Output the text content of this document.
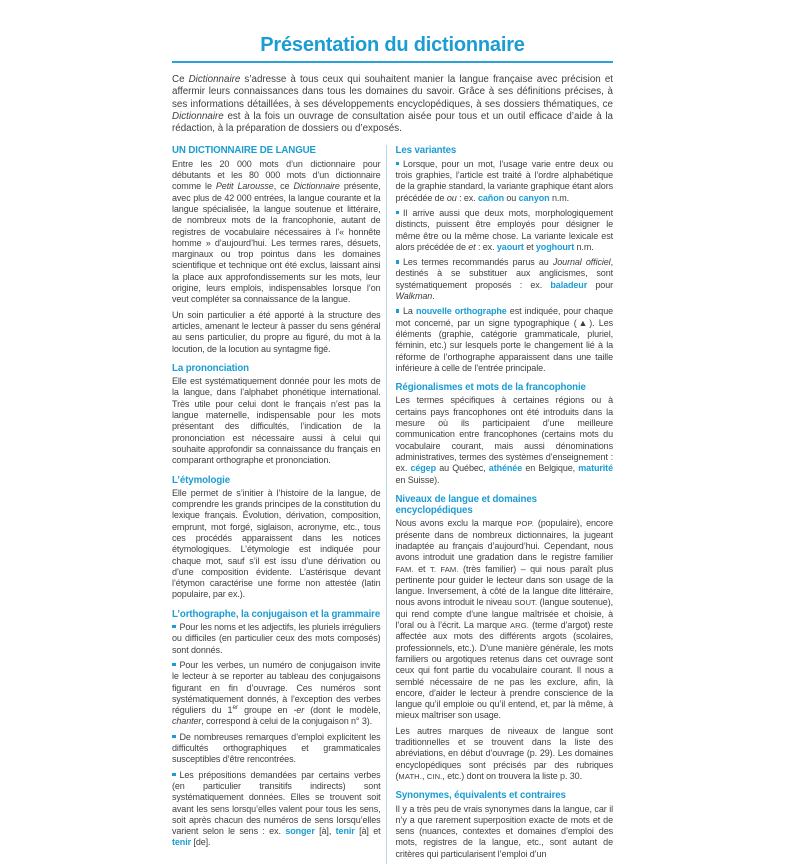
Présentation du dictionnaire

Ce Dictionnaire s’adresse à tous ceux qui souhaitent manier la langue française avec précision et affermir leurs connaissances dans tous les domaines du savoir. Grâce à ses définitions précises, à ses informations détaillées, à ses développements encyclopédiques, à ses dossiers thématiques, ce Dictionnaire est à la fois un ouvrage de consultation aisée pour tous et un outil efficace d’aide à la rédaction, à la préparation de dossiers ou d’exposés.

UN DICTIONNAIRE DE LANGUE

Entre les 20 000 mots d’un dictionnaire pour débutants et les 80 000 mots d’un dictionnaire comme le Petit Larousse, ce Dictionnaire présente, avec plus de 42 000 entrées, la langue courante et la langue spécialisée, la langue soutenue et littéraire, de nombreux mots de la francophonie, autant de registres de vocabulaire nécessaires à l’« honnête homme » d’aujourd’hui. Les termes rares, désuets, marginaux ou trop pointus dans les domaines scientifique et technique ont été exclus, laissant ainsi la place aux approfondissements sur les mots, leur origine, leurs emplois, indispensables lorsque l’on veut compléter sa connaissance de la langue.

Un soin particulier a été apporté à la structure des articles, amenant le lecteur à passer du sens général au sens particulier, du propre au figuré, du mot à la locution, de la locution au syntagme figé.

La prononciation

Elle est systématiquement donnée pour les mots de la langue, dans l’alphabet phonétique international. Très utile pour celui dont le français n’est pas la langue maternelle, indispensable pour les mots présentant des difficultés, l’indication de la prononciation est nécessaire aussi à celui qui souhaite approfondir sa connaissance du français en comparant orthographe et prononciation.

L’étymologie

Elle permet de s’initier à l’histoire de la langue, de comprendre les grands principes de la constitution du lexique français. Évolution, dérivation, composition, emprunt, mot forgé, siglaison, acronyme, etc., tous ces procédés apparaissent dans les notices étymologiques. L’étymologie est indiquée pour chaque mot, sauf s’il est issu d’une dérivation ou d’une composition évidente. L’astérisque devant l’étymon caractérise une forme non attestée (latin populaire, par ex.).

L’orthographe, la conjugaison et la grammaire

Pour les noms et les adjectifs, les pluriels irréguliers ou difficiles (en particulier ceux des mots composés) sont donnés.

Pour les verbes, un numéro de conjugaison invite le lecteur à se reporter au tableau des conjugaisons figurant en fin d’ouvrage. Ces numéros sont systématiquement donnés, à l’exception des verbes réguliers du 1er groupe en -er (dont le modèle, chanter, correspond à celui de la conjugaison n° 3).

De nombreuses remarques d’emploi explicitent les difficultés orthographiques et grammaticales susceptibles d’être rencontrées.

Les prépositions demandées par certains verbes (en particulier transitifs indirects) sont systématiquement données. Elles se trouvent soit avant les sens lorsqu’elles valent pour tous les sens, soit après chacun des numéros de sens lorsqu’elles varient selon le sens : ex. songer [à], tenir [à] et tenir [de].

Les variantes

Lorsque, pour un mot, l’usage varie entre deux ou trois graphies, l’article est traité à l’ordre alphabétique de la graphie standard, la variante graphique étant alors précédée de ou : ex. cañon ou canyon n.m.

Il arrive aussi que deux mots, morphologiquement distincts, puissent être employés pour désigner le même être ou la même chose. La variante lexicale est alors précédée de et : ex. yaourt et yoghourt n.m.

Les termes recommandés parus au Journal officiel, destinés à se substituer aux anglicismes, sont systématiquement proposés : ex. baladeur pour Walkman.

La nouvelle orthographe est indiquée, pour chaque mot concerné, par un signe typographique (▲). Les éléments (graphie, catégorie grammaticale, pluriel, féminin, etc.) sur lesquels porte le changement lié à la réforme de l’orthographe apparaissent dans une taille inférieure à celle de l’entrée principale.

Régionalismes et mots de la francophonie

Les termes spécifiques à certaines régions ou à certains pays francophones ont été introduits dans la mesure où ils participaient d’une meilleure communication entre francophones (certains mots du vocabulaire courant, mais aussi dénominations administratives, termes des systèmes d’enseignement : ex. cégep au Québec, athénée en Belgique, maturité en Suisse).

Niveaux de langue et domaines encyclopédiques

Nous avons exclu la marque POP. (populaire), encore présente dans de nombreux dictionnaires, la jugeant inadaptée au français d’aujourd’hui. Cependant, nous avons introduit une gradation dans le registre familier FAM. et T. FAM. (très familier) – qui nous paraît plus pertinente pour guider le lecteur dans son usage de la langue. Inversement, à côté de la langue dite littéraire, nous avons introduit le niveau SOUT. (langue soutenue), qui rend compte d’une langue maîtrisée et choisie, à l’oral ou à l’écrit. La marque ARG. (terme d’argot) reste affectée aux mots des différents argots (scolaires, professionnels, etc.). D’une manière générale, les mots familiers ou argotiques retenus dans cet ouvrage sont ceux qui font partie du vocabulaire courant. Il nous a semblé nécessaire de ne pas les exclure, afin, là encore, d’aider le lecteur à prendre conscience de la langue qu’il emploie ou qu’il entend, et, par là même, à mieux maîtriser son usage.

Les autres marques de niveaux de langue sont traditionnelles et se trouvent dans la liste des abréviations, en début d’ouvrage (p. 29). Les domaines encyclopédiques sont précisés par des rubriques (MATH., CIN., etc.) dont on trouvera la liste p. 30.

Synonymes, équivalents et contraires

Il y a très peu de vrais synonymes dans la langue, car il n’y a que rarement superposition exacte de mots et de sens (nuances, contextes et domaines d’emploi des mots, registres de la langue, etc., sont autant de critères qui particularisent l’emploi d’un
